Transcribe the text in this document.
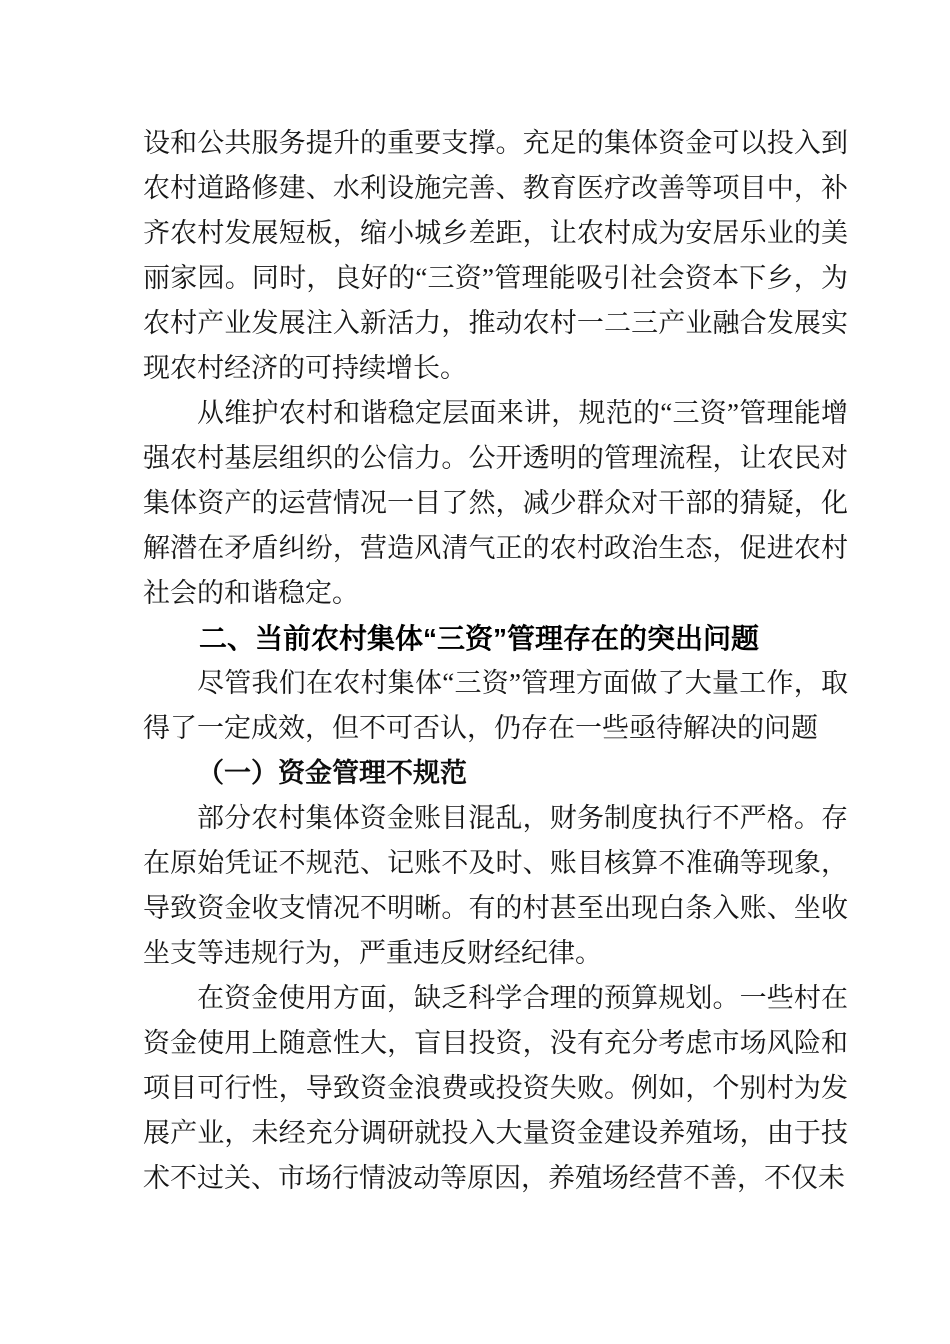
设和公共服务提升的重要支撑。充足的集体资金可以投入到农村道路修建、水利设施完善、教育医疗改善等项目中，补齐农村发展短板，缩小城乡差距，让农村成为安居乐业的美丽家园。同时，良好的“三资”管理能吸引社会资本下乡，为农村产业发展注入新活力，推动农村一二三产业融合发展实现农村经济的可持续增长。

从维护农村和谐稳定层面来讲，规范的“三资”管理能增强农村基层组织的公信力。公开透明的管理流程，让农民对集体资产的运营情况一目了然，减少群众对干部的猜疑，化解潜在矛盾纠纷，营造风清气正的农村政治生态，促进农村社会的和谐稳定。

二、当前农村集体“三资”管理存在的突出问题

尽管我们在农村集体“三资”管理方面做了大量工作，取得了一定成效，但不可否认，仍存在一些亟待解决的问题

（一）资金管理不规范

部分农村集体资金账目混乱，财务制度执行不严格。存在原始凭证不规范、记账不及时、账目核算不准确等现象，导致资金收支情况不明晰。有的村甚至出现白条入账、坐收坐支等违规行为，严重违反财经纪律。

在资金使用方面，缺乏科学合理的预算规划。一些村在资金使用上随意性大，盲目投资，没有充分考虑市场风险和项目可行性，导致资金浪费或投资失败。例如，个别村为发展产业，未经充分调研就投入大量资金建设养殖场，由于技术不过关、市场行情波动等原因，养殖场经营不善，不仅未
